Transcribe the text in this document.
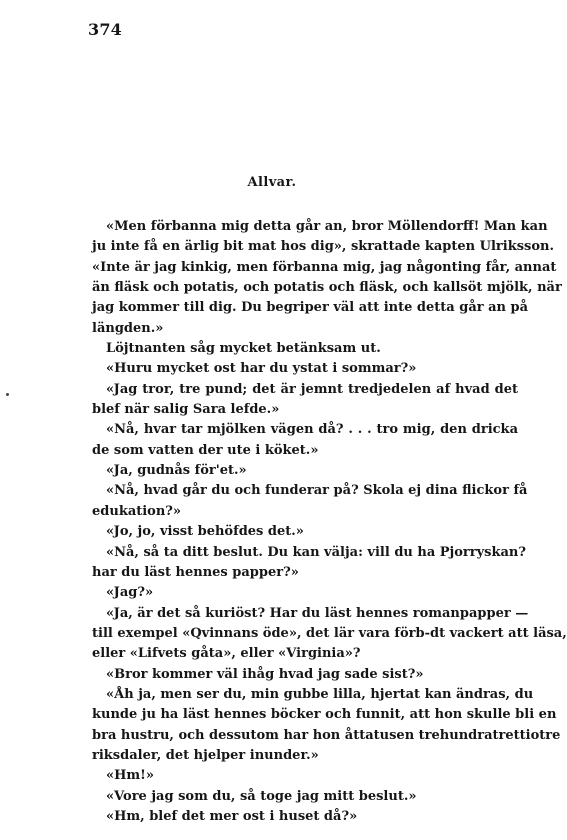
374
Allvar.
«Men förbanna mig detta går an, bror Möllendorff! Man kan
ju inte få en ärlig bit mat hos dig», skrattade kapten Ulriksson.
«Inte är jag kinkig, men förbanna mig, jag någonting får, annat
än fläsk och potatis, och potatis och fläsk, och kallsöt mjölk, när
jag kommer till dig. Du begriper väl att inte detta går an på
längden.»
Löjtnanten såg mycket betänksam ut.
«Huru mycket ost har du ystat i sommar?»
«Jag tror, tre pund; det är jemnt tredjedelen af hvad det
blef när salig Sara lefde.»
«Nå, hvar tar mjölken vägen då? . . . tro mig, den dricka
de som vatten der ute i köket.»
«Ja, gudnås för'et.»
«Nå, hvad går du och funderar på? Skola ej dina flickor få
edukation?»
«Jo, jo, visst behöfdes det.»
«Nå, så ta ditt beslut. Du kan välja: vill du ha Pjorryskan?
har du läst hennes papper?»
«Jag?»
«Ja, är det så kuriöst? Har du läst hennes romanpapper —
till exempel «Qvinnans öde», det lär vara förb-dt vackert att läsa,
eller «Lifvets gåta», eller «Virginia»?
«Bror kommer väl ihåg hvad jag sade sist?»
«Åh ja, men ser du, min gubbe lilla, hjertat kan ändras, du
kunde ju ha läst hennes böcker och funnit, att hon skulle bli en
bra hustru, och dessutom har hon åttatusen trehundratrettiotre
riksdaler, det hjelper inunder.»
«Hm!»
«Vore jag som du, så toge jag mitt beslut.»
«Hm, blef det mer ost i huset då?»
